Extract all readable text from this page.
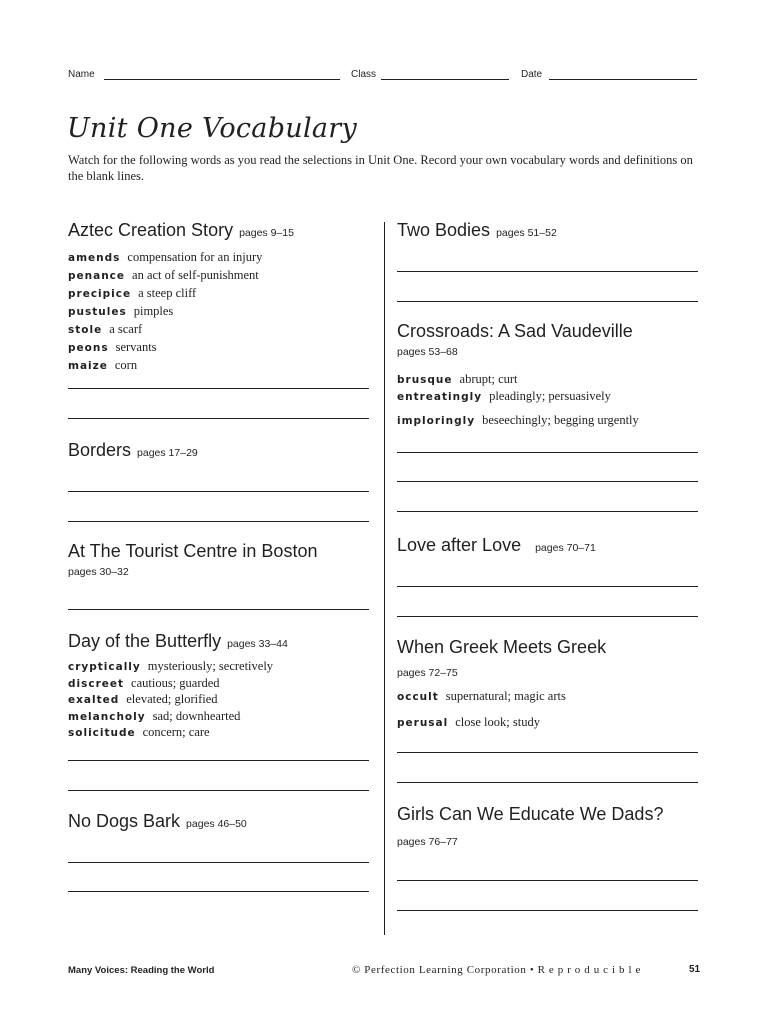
Name	Class	Date
Unit One Vocabulary
Watch for the following words as you read the selections in Unit One. Record your own vocabulary words and definitions on the blank lines.
Aztec Creation Story pages 9–15
amends compensation for an injury
penance an act of self-punishment
precipice a steep cliff
pustules pimples
stole a scarf
peons servants
maize corn
Borders pages 17–29
At The Tourist Centre in Boston
pages 30–32
Day of the Butterfly pages 33–44
cryptically mysteriously; secretively
discreet cautious; guarded
exalted elevated; glorified
melancholy sad; downhearted
solicitude concern; care
No Dogs Bark pages 46–50
Two Bodies pages 51–52
Crossroads: A Sad Vaudeville
pages 53–68
brusque abrupt; curt
entreatingly pleadingly; persuasively
imploringly beseechingly; begging urgently
Love after Love pages 70–71
When Greek Meets Greek
pages 72–75
occult supernatural; magic arts
perusal close look; study
Girls Can We Educate We Dads?
pages 76–77
Many Voices: Reading the World	© Perfection Learning Corporation • R e p r o d u c i b l e	51
